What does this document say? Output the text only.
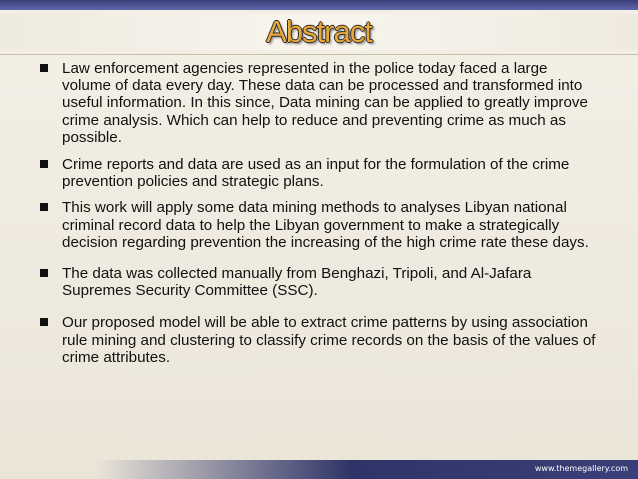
Abstract
Law enforcement agencies represented in the police today faced a large volume of data every day. These data can be processed and transformed into useful information. In this since, Data mining can be applied to greatly improve crime analysis. Which can help to reduce and preventing crime as much as possible.
Crime reports and data are used as an input for the formulation of the crime prevention policies and strategic plans.
This work will apply some data mining methods to analyses Libyan national criminal record data to help the Libyan government to make a strategically decision regarding prevention the increasing of the high crime rate these days.
The data was collected manually from Benghazi, Tripoli, and Al-Jafara Supremes Security Committee (SSC).
Our proposed model will be able to extract crime patterns by using association rule mining and clustering to classify crime records on the basis of the values of crime attributes.
www.themegallery.com
